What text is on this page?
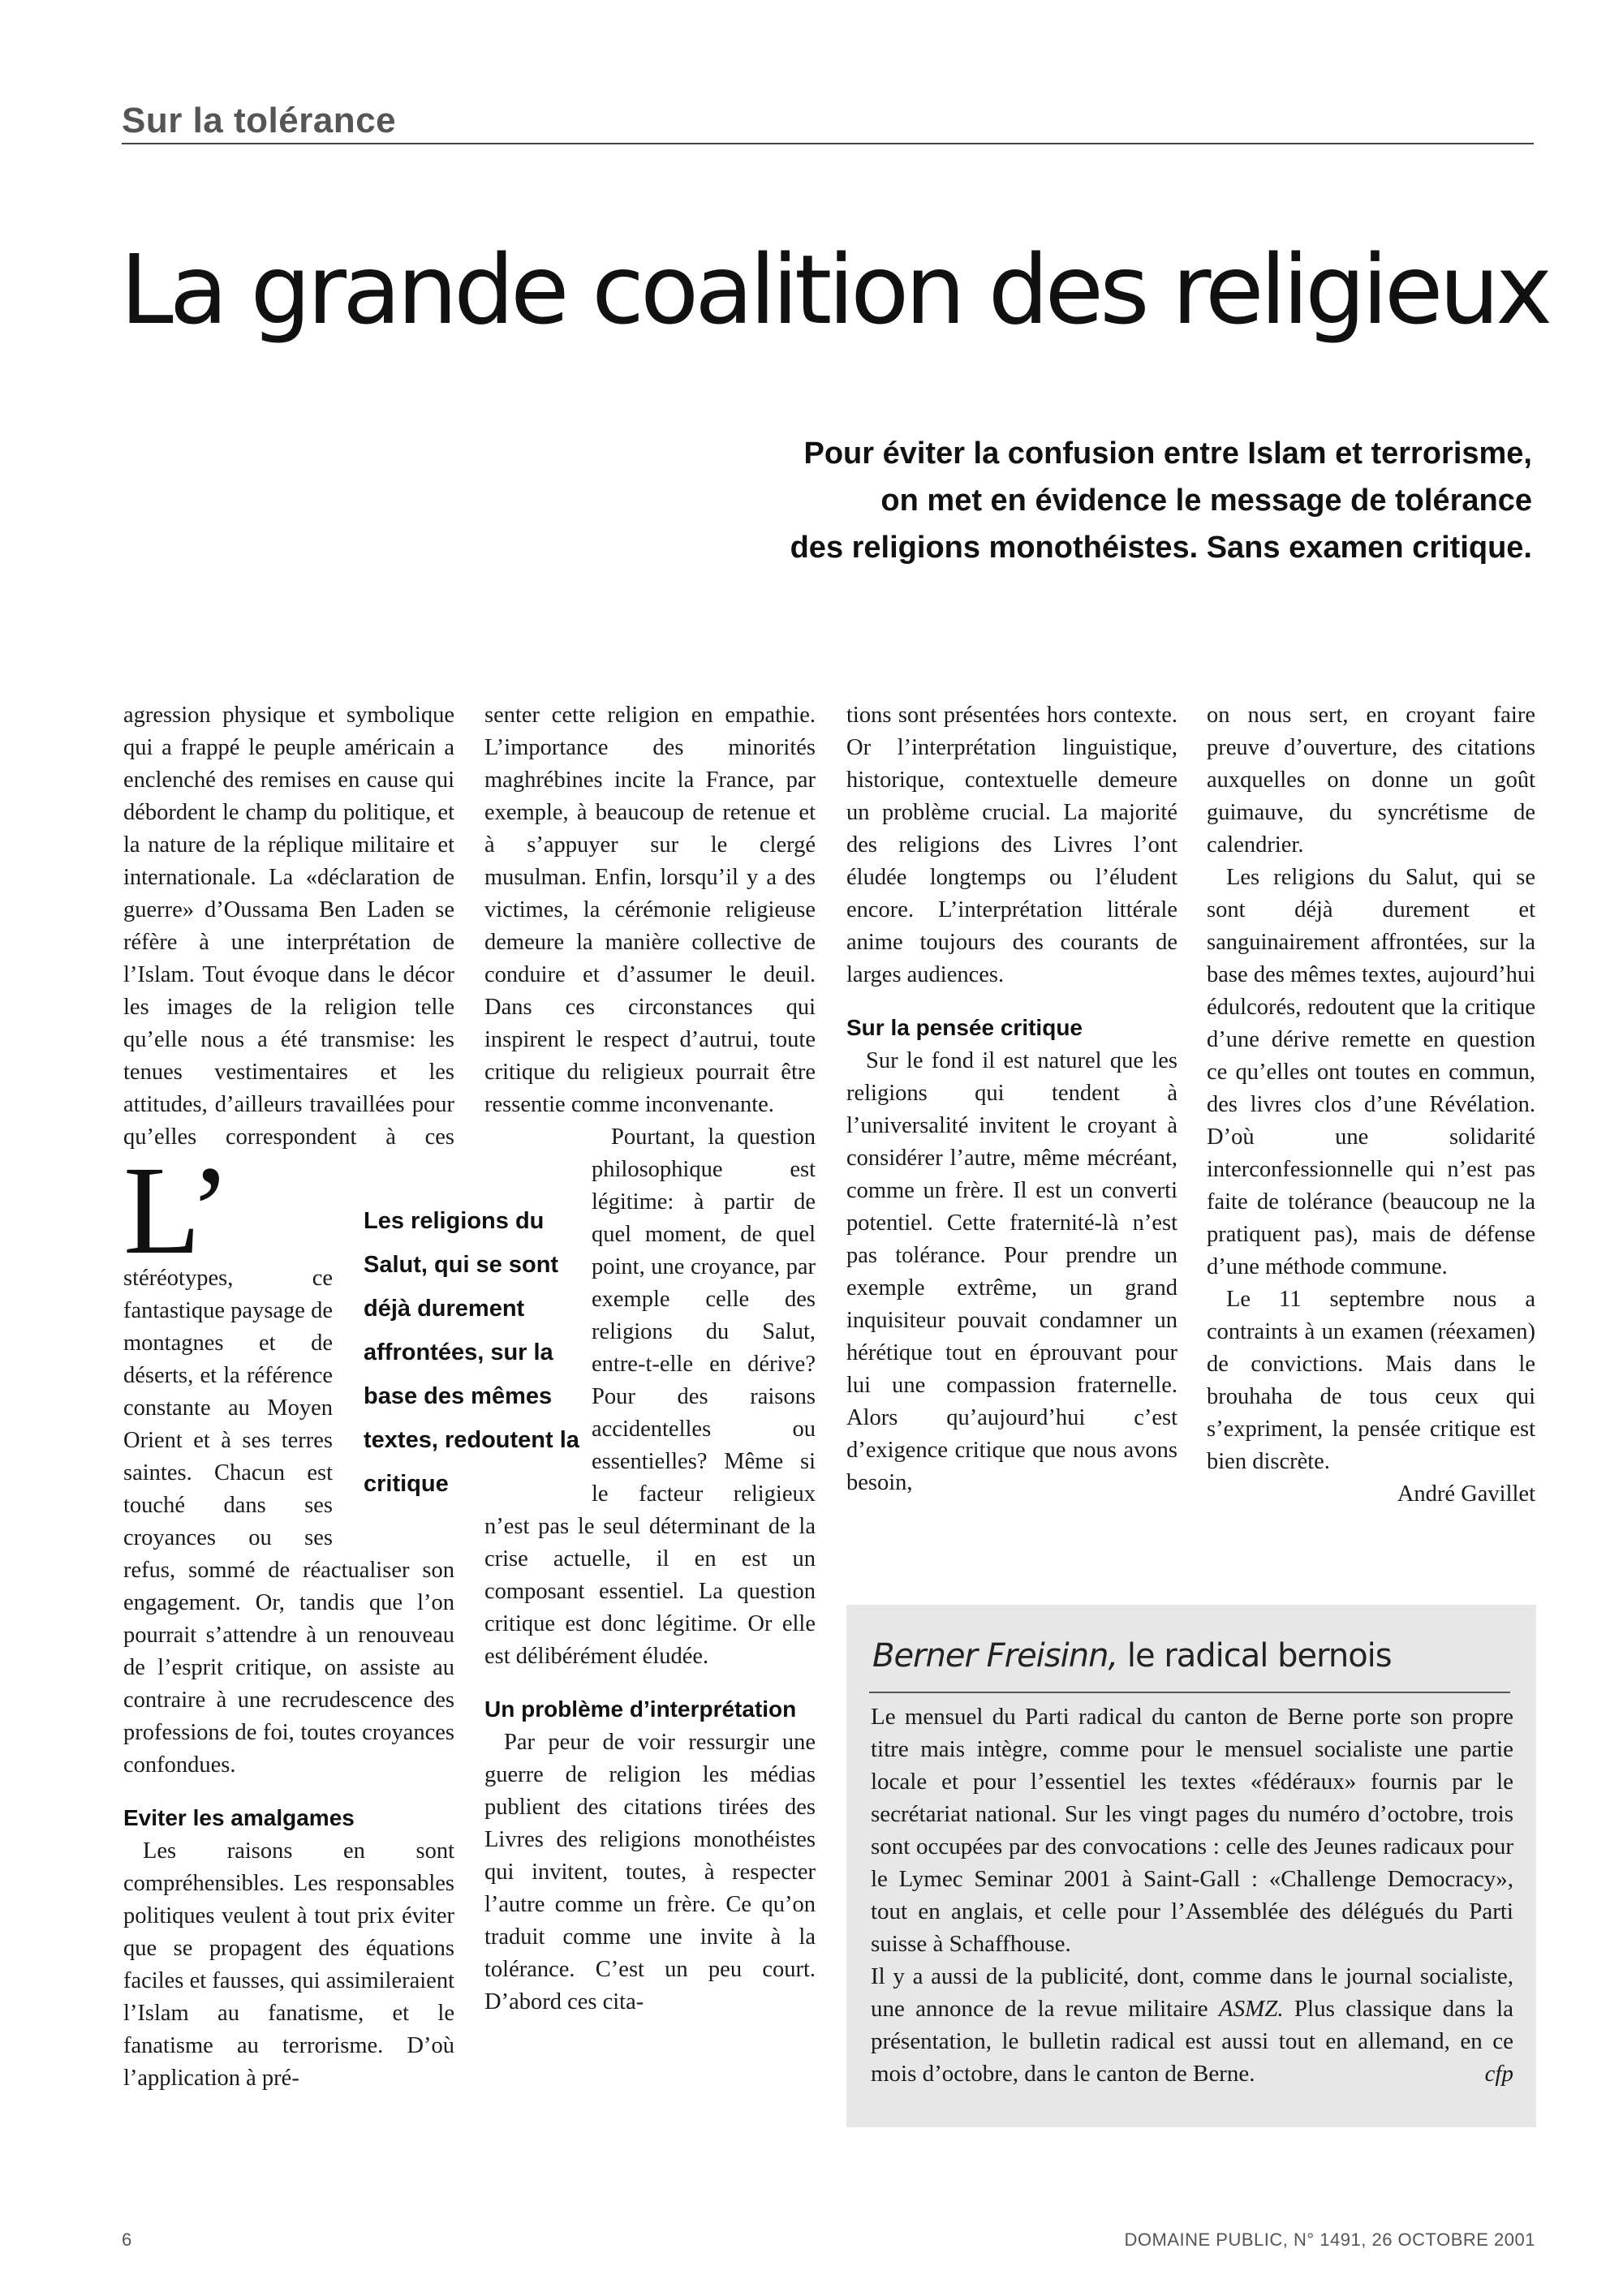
Sur la tolérance
La grande coalition des religieux
Pour éviter la confusion entre Islam et terrorisme,
on met en évidence le message de tolérance
des religions monothéistes. Sans examen critique.
L’

agression physique et symbolique qui a frappé le peuple américain a enclenché des remises en cause qui débordent le champ du politique, et la nature de la réplique militaire et internationale. La «déclaration de guerre» d’Oussama Ben Laden se réfère à une interprétation de l’Islam. Tout évoque dans le décor les images de la religion telle qu’elle nous a été transmise: les tenues vestimentaires et les attitudes, d’ailleurs travaillées pour qu’elles correspondent à ces stéréotypes, ce fantastique paysage de montagnes et de déserts, et la référence constante au Moyen Orient et à ses terres saintes. Chacun est touché dans ses croyances ou ses refus, sommé de réactualiser son engagement. Or, tandis que l’on pourrait s’attendre à un renouveau de l’esprit critique, on assiste au contraire à une recrudescence des professions de foi, toutes croyances confondues.

Eviter les amalgames

Les raisons en sont compréhensibles. Les responsables politiques veulent à tout prix éviter que se propagent des équations faciles et fausses, qui assimileraient l’Islam au fanatisme, et le fanatisme au terrorisme. D’où l’application à pré-

senter cette religion en empathie. L’importance des minorités maghrébines incite la France, par exemple, à beaucoup de retenue et à s’appuyer sur le clergé musulman. Enfin, lorsqu’il y a des victimes, la cérémonie religieuse demeure la manière collective de conduire et d’assumer le deuil. Dans ces circonstances qui inspirent le respect d’autrui, toute critique du religieux pourrait être ressentie comme inconvenante.

Pourtant, la question philosophique est légitime: à partir de quel moment, de quel point, une croyance, par exemple celle des religions du Salut, entre-t-elle en dérive? Pour des raisons accidentelles ou essentielles? Même si le facteur religieux n’est pas le seul déterminant de la crise actuelle, il en est un composant essentiel. La question critique est donc légitime. Or elle est délibérément éludée.

Un problème d’interprétation

Par peur de voir ressurgir une guerre de religion les médias publient des citations tirées des Livres des religions monothéistes qui invitent, toutes, à respecter l’autre comme un frère. Ce qu’on traduit comme une invite à la tolérance. C’est un peu court. D’abord ces cita-

tions sont présentées hors contexte. Or l’interprétation linguistique, historique, contextuelle demeure un problème crucial. La majorité des religions des Livres l’ont éludée longtemps ou l’éludent encore. L’interprétation littérale anime toujours des courants de larges audiences.

Sur la pensée critique

Sur le fond il est naturel que les religions qui tendent à l’universalité invitent le croyant à considérer l’autre, même mécréant, comme un frère. Il est un converti potentiel. Cette fraternité-là n’est pas tolérance. Pour prendre un exemple extrême, un grand inquisiteur pouvait condamner un hérétique tout en éprouvant pour lui une compassion fraternelle. Alors qu’aujourd’hui c’est d’exigence critique que nous avons besoin,

on nous sert, en croyant faire preuve d’ouverture, des citations auxquelles on donne un goût guimauve, du syncrétisme de calendrier.

Les religions du Salut, qui se sont déjà durement et sanguinairement affrontées, sur la base des mêmes textes, aujourd’hui édulcorés, redoutent que la critique d’une dérive remette en question ce qu’elles ont toutes en commun, des livres clos d’une Révélation. D’où une solidarité interconfessionnelle qui n’est pas faite de tolérance (beaucoup ne la pratiquent pas), mais de défense d’une méthode commune.

Le 11 septembre nous a contraints à un examen (réexamen) de convictions. Mais dans le brouhaha de tous ceux qui s’expriment, la pensée critique est bien discrète.

André Gavillet

Les religions du Salut, qui se sont déjà durement affrontées, sur la base des mêmes textes, redoutent la critique
Berner Freisinn, le radical bernois

Le mensuel du Parti radical du canton de Berne porte son propre titre mais intègre, comme pour le mensuel socialiste une partie locale et pour l’essentiel les textes «fédéraux» fournis par le secrétariat national. Sur les vingt pages du numéro d’octobre, trois sont occupées par des convocations : celle des Jeunes radicaux pour le Lymec Seminar 2001 à Saint-Gall : «Challenge Democracy», tout en anglais, et celle pour l’Assemblée des délégués du Parti suisse à Schaffhouse.

Il y a aussi de la publicité, dont, comme dans le journal socialiste, une annonce de la revue militaire ASMZ. Plus classique dans la présentation, le bulletin radical est aussi tout en allemand, en ce mois d’octobre, dans le canton de Berne.	cfp

6	DOMAINE PUBLIC, N° 1491, 26 OCTOBRE 2001
